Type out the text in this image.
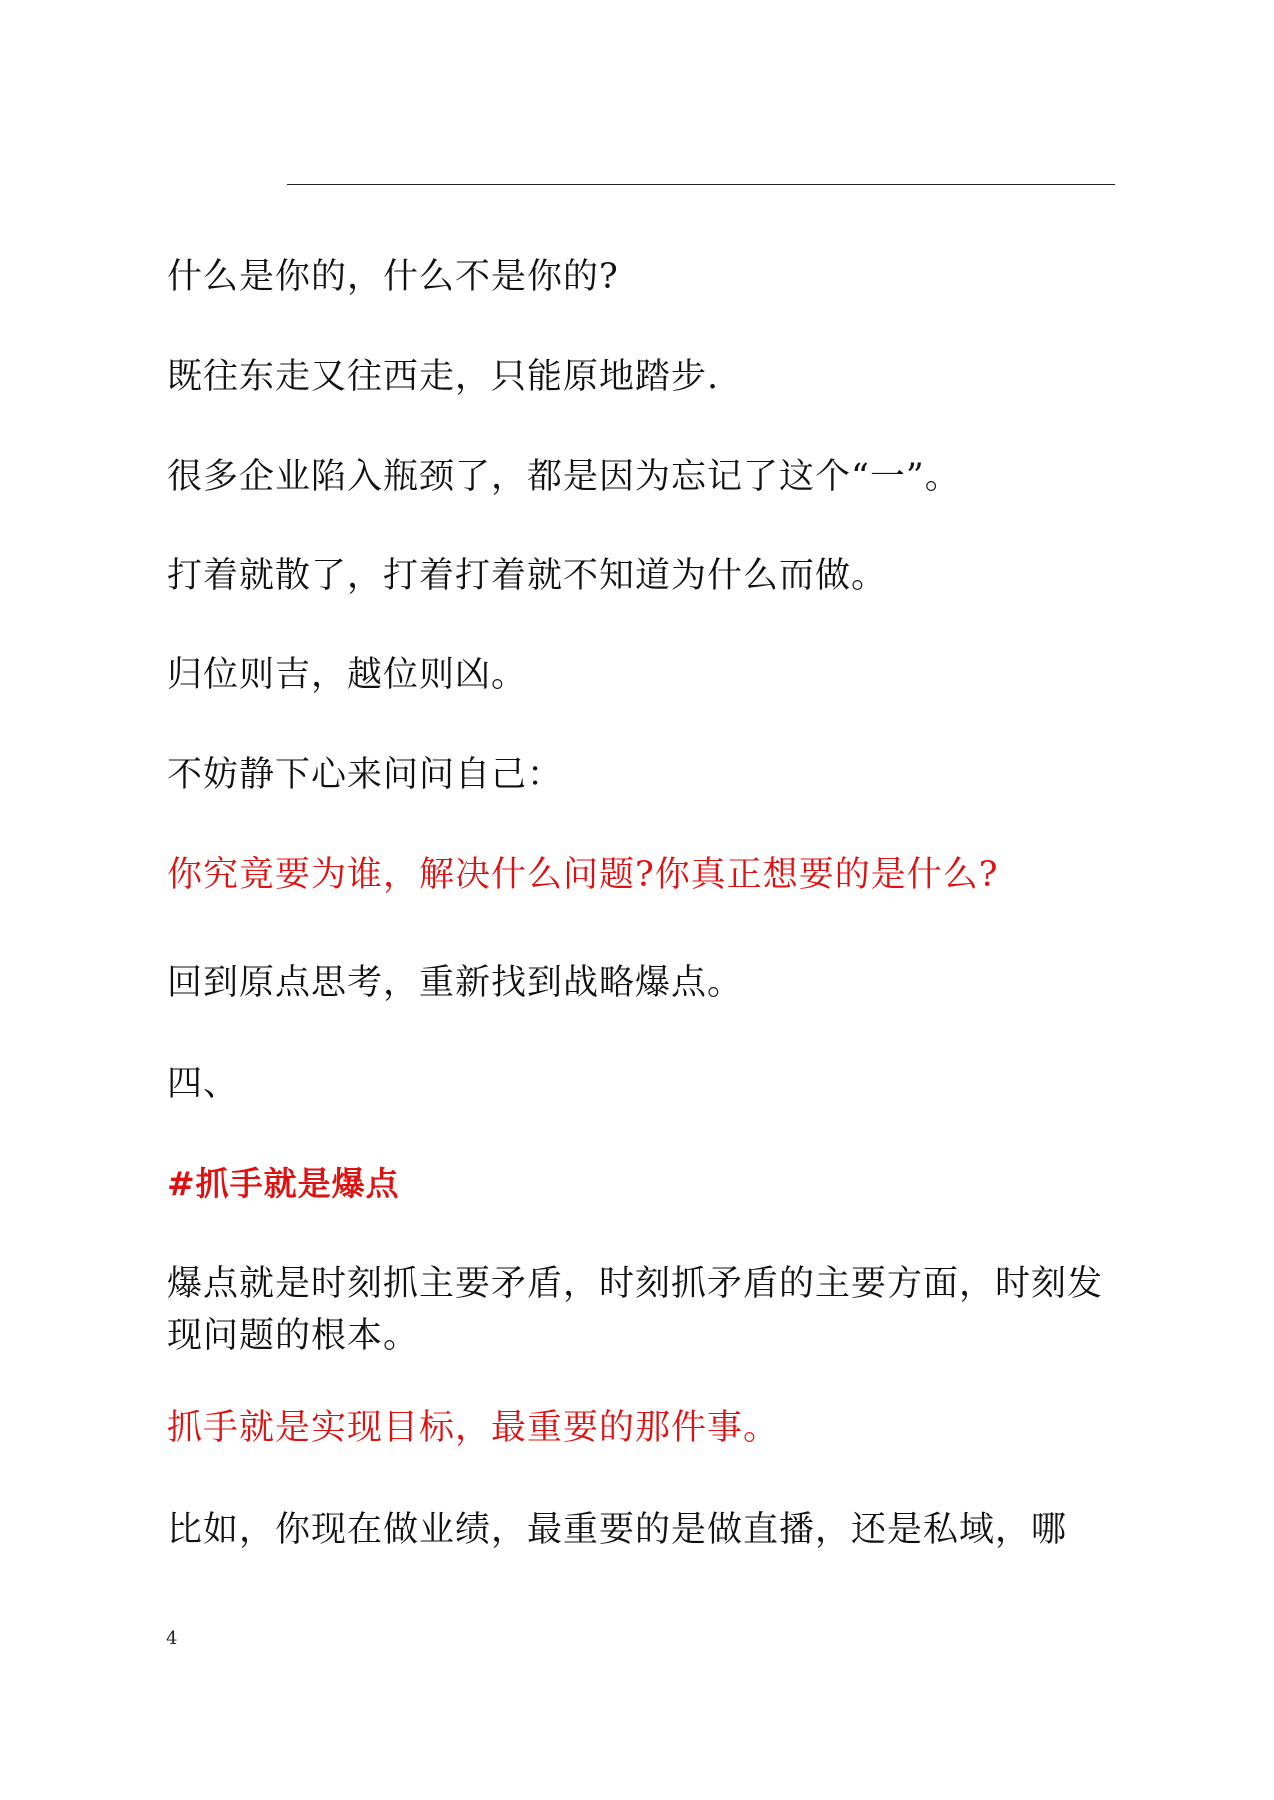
什么是你的，什么不是你的?

既往东走又往西走，只能原地踏步.

很多企业陷入瓶颈了，都是因为忘记了这个“一”。

打着就散了，打着打着就不知道为什么而做。

归位则吉，越位则凶。

不妨静下心来问问自己：

你究竟要为谁，解决什么问题?你真正想要的是什么?

回到原点思考，重新找到战略爆点。

四、

#抓手就是爆点

爆点就是时刻抓主要矛盾，时刻抓矛盾的主要方面，时刻发现问题的根本。

抓手就是实现目标，最重要的那件事。

比如，你现在做业绩，最重要的是做直播，还是私域，哪

4
